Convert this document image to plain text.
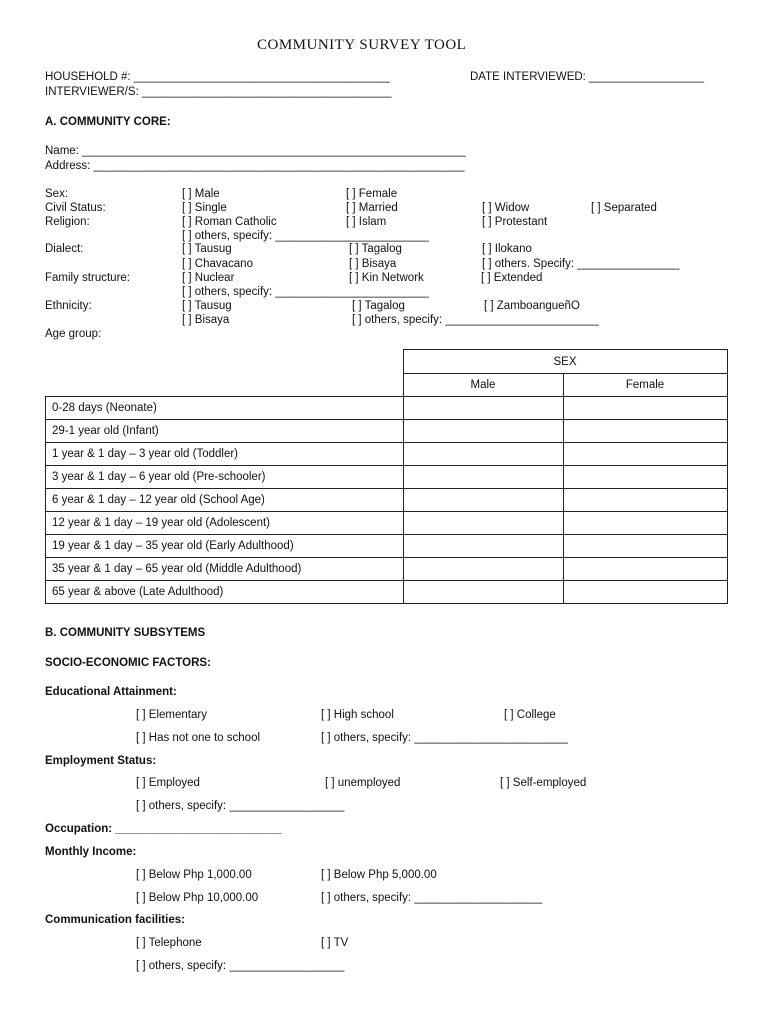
COMMUNITY SURVEY TOOL
HOUSEHOLD #: ________________________________________	DATE INTERVIEWED: __________________
INTERVIEWER/S: _______________________________________
A. COMMUNITY CORE:
Name: ____________________________________________________________
Address: __________________________________________________________
Sex:	[ ] Male	[ ] Female
Civil Status:	[ ] Single	[ ] Married	[ ] Widow	[ ] Separated
Religion:	[ ] Roman Catholic	[ ] Islam	[ ] Protestant
[ ] others, specify: ________________________
Dialect:	[ ] Tausug	[ ] Tagalog	[ ] Ilokano
[ ] Chavacano	[ ] Bisaya	[ ] others. Specify: ________________
Family structure:	[ ] Nuclear	[ ] Kin Network	[ ] Extended
[ ] others, specify: ________________________
Ethnicity:	[ ] Tausug	[ ] Tagalog	[ ] ZamboangueñO
[ ] Bisaya	[ ] others, specify: ________________________
Age group:
	SEX	
	Male	Female
0-28 days (Neonate)		
29-1 year old (Infant)		
1 year & 1 day – 3 year old (Toddler)		
3 year & 1 day – 6 year old (Pre-schooler)		
6 year & 1 day – 12 year old (School Age)		
12 year & 1 day – 19 year old (Adolescent)		
19 year & 1 day – 35 year old (Early Adulthood)		
35 year & 1 day – 65 year old (Middle Adulthood)		
65 year & above (Late Adulthood)		
B. COMMUNITY SUBSYTEMS
SOCIO-ECONOMIC FACTORS:
Educational Attainment:
[ ] Elementary	[ ] High school	[ ] College
[ ] Has not one to school	[ ] others, specify: ________________________
Employment Status:
[ ] Employed	[ ] unemployed	[ ] Self-employed
[ ] others, specify: __________________
Occupation: __________________________
Monthly Income:
[ ] Below Php 1,000.00	[ ] Below Php 5,000.00
[ ] Below Php 10,000.00	[ ] others, specify: ____________________
Communication facilities:
[ ] Telephone	[ ] TV
[ ] others, specify: __________________
